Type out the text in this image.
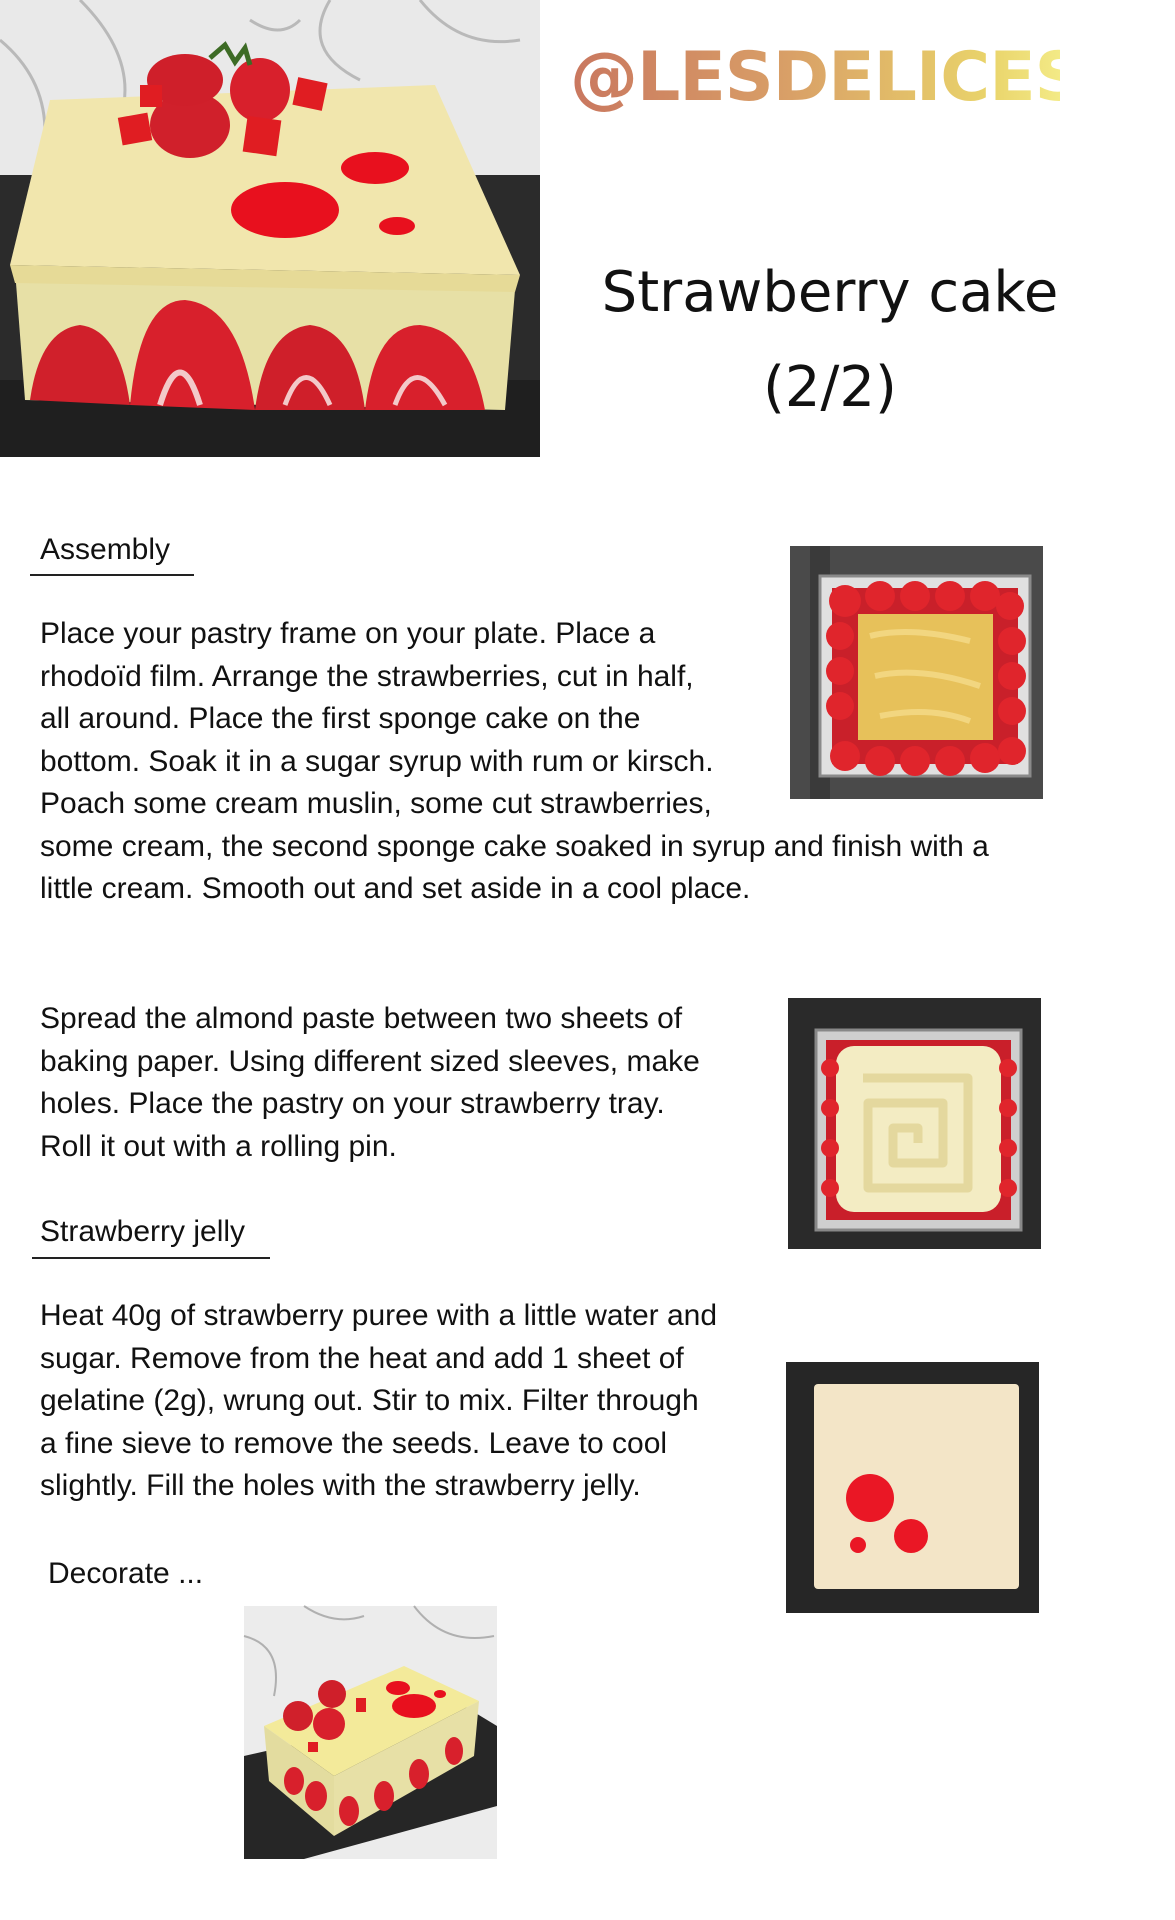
@LESDELICES31
Strawberry cake
(2/2)
Assembly
Place your pastry frame on your plate. Place a
rhodoïd film. Arrange the strawberries, cut in half,
all around. Place the first sponge cake on the
bottom. Soak it in a sugar syrup with rum or kirsch.
Poach some cream muslin, some cut strawberries,
some cream, the second sponge cake soaked in syrup and finish with a
little cream. Smooth out and set aside in a cool place.
Spread the almond paste between two sheets of
baking paper. Using different sized sleeves, make
holes. Place the pastry on your strawberry tray.
Roll it out with a rolling pin.
Strawberry jelly
Heat 40g of strawberry puree with a little water and
sugar. Remove from the heat and add 1 sheet of
gelatine (2g), wrung out. Stir to mix. Filter through
a fine sieve to remove the seeds. Leave to cool
slightly. Fill the holes with the strawberry jelly.
Decorate ...
